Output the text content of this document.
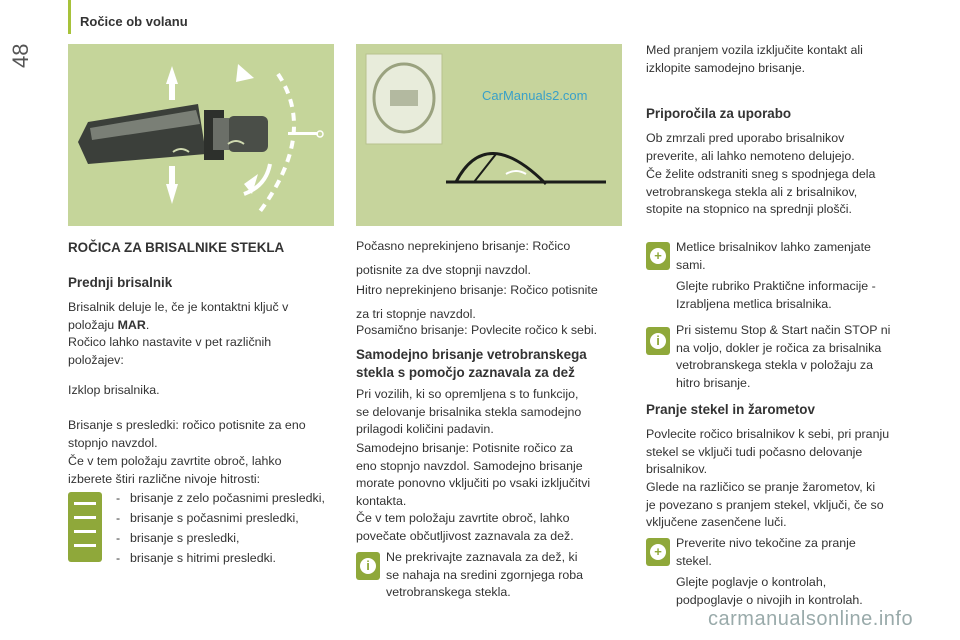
48
Ročice ob volanu
CarManuals2.com
ROČICA ZA BRISALNIKE STEKLA
Prednji brisalnik
Brisalnik deluje le, če je kontaktni ključ v
položaju MAR.
Ročico lahko nastavite v pet različnih
položajev:
Izklop brisalnika.
Brisanje s presledki: ročico potisnite za eno
stopnjo navzdol.
Če v tem položaju zavrtite obroč, lahko
izberete štiri različne nivoje hitrosti:
- brisanje z zelo počasnimi presledki,
- brisanje s počasnimi presledki,
- brisanje s presledki,
- brisanje s hitrimi presledki.
Počasno neprekinjeno brisanje: Ročico
potisnite za dve stopnji navzdol.
Hitro neprekinjeno brisanje: Ročico potisnite
za tri stopnje navzdol.
Posamično brisanje: Povlecite ročico k sebi.
Samodejno brisanje vetrobranskega
stekla s pomočjo zaznavala za dež
Pri vozilih, ki so opremljena s to funkcijo,
se delovanje brisalnika stekla samodejno
prilagodi količini padavin.
Samodejno brisanje: Potisnite ročico za
eno stopnjo navzdol. Samodejno brisanje
morate ponovno vključiti po vsaki izključitvi
kontakta.
Če v tem položaju zavrtite obroč, lahko
povečate občutljivost zaznavala za dež.
i
Ne prekrivajte zaznavala za dež, ki
se nahaja na sredini zgornjega roba
vetrobranskega stekla.
Med pranjem vozila izključite kontakt ali
izklopite samodejno brisanje.
Priporočila za uporabo
Ob zmrzali pred uporabo brisalnikov
preverite, ali lahko nemoteno delujejo.
Če želite odstraniti sneg s spodnjega dela
vetrobranskega stekla ali z brisalnikov,
stopite na stopnico na sprednji plošči.
+
Metlice brisalnikov lahko zamenjate
sami.
Glejte rubriko Praktične informacije -
Izrabljena metlica brisalnika.
i
Pri sistemu Stop & Start način STOP ni
na voljo, dokler je ročica za brisalnika
vetrobranskega stekla v položaju za
hitro brisanje.
Pranje stekel in žarometov
Povlecite ročico brisalnikov k sebi, pri pranju
stekel se vključi tudi počasno delovanje
brisalnikov.
Glede na različico se pranje žarometov, ki
je povezano s pranjem stekel, vključi, če so
vključene zasenčene luči.
+
Preverite nivo tekočine za pranje
stekel.
Glejte poglavje o kontrolah,
podpoglavje o nivojih in kontrolah.
carmanualsonline.info
